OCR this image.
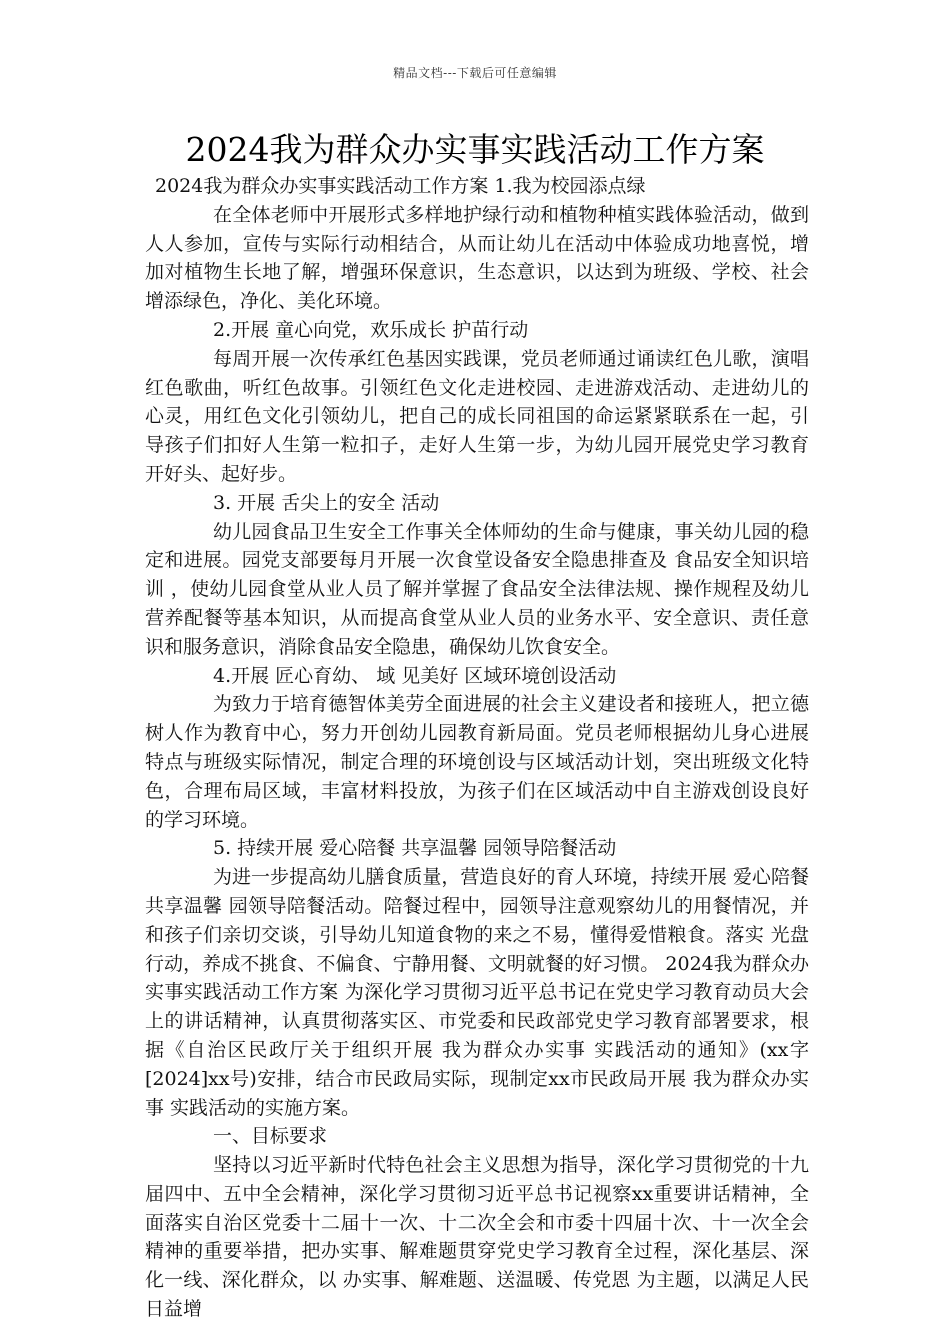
精品文档---下载后可任意编辑
2024我为群众办实事实践活动工作方案

2024我为群众办实事实践活动工作方案 1.我为校园添点绿

在全体老师中开展形式多样地护绿行动和植物种植实践体验活动，做到人人参加，宣传与实际行动相结合，从而让幼儿在活动中体验成功地喜悦，增加对植物生长地了解，增强环保意识，生态意识，以达到为班级、学校、社会增添绿色，净化、美化环境。

2.开展 童心向党，欢乐成长 护苗行动

每周开展一次传承红色基因实践课，党员老师通过诵读红色儿歌，演唱红色歌曲，听红色故事。引领红色文化走进校园、走进游戏活动、走进幼儿的心灵，用红色文化引领幼儿，把自己的成长同祖国的命运紧紧联系在一起，引导孩子们扣好人生第一粒扣子，走好人生第一步，为幼儿园开展党史学习教育开好头、起好步。

3. 开展 舌尖上的安全 活动

幼儿园食品卫生安全工作事关全体师幼的生命与健康，事关幼儿园的稳定和进展。园党支部要每月开展一次食堂设备安全隐患排查及 食品安全知识培训 ，使幼儿园食堂从业人员了解并掌握了食品安全法律法规、操作规程及幼儿营养配餐等基本知识，从而提高食堂从业人员的业务水平、安全意识、责任意识和服务意识，消除食品安全隐患，确保幼儿饮食安全。

4.开展 匠心育幼、 域 见美好 区域环境创设活动

为致力于培育德智体美劳全面进展的社会主义建设者和接班人，把立德树人作为教育中心，努力开创幼儿园教育新局面。党员老师根据幼儿身心进展特点与班级实际情况，制定合理的环境创设与区域活动计划，突出班级文化特色，合理布局区域，丰富材料投放，为孩子们在区域活动中自主游戏创设良好的学习环境。

5. 持续开展 爱心陪餐 共享温馨 园领导陪餐活动

为进一步提高幼儿膳食质量，营造良好的育人环境，持续开展 爱心陪餐共享温馨 园领导陪餐活动。陪餐过程中，园领导注意观察幼儿的用餐情况，并和孩子们亲切交谈，引导幼儿知道食物的来之不易，懂得爱惜粮食。落实 光盘 行动，养成不挑食、不偏食、宁静用餐、文明就餐的好习惯。 2024我为群众办实事实践活动工作方案 为深化学习贯彻习近平总书记在党史学习教育动员大会上的讲话精神，认真贯彻落实区、市党委和民政部党史学习教育部署要求，根据《自治区民政厅关于组织开展 我为群众办实事 实践活动的通知》(xx字[2024]xx号)安排，结合市民政局实际，现制定xx市民政局开展 我为群众办实事 实践活动的实施方案。

一、目标要求

坚持以习近平新时代特色社会主义思想为指导，深化学习贯彻党的十九届四中、五中全会精神，深化学习贯彻习近平总书记视察xx重要讲话精神，全面落实自治区党委十二届十一次、十二次全会和市委十四届十次、十一次全会精神的重要举措，把办实事、解难题贯穿党史学习教育全过程，深化基层、深化一线、深化群众，以 办实事、解难题、送温暖、传党恩 为主题，以满足人民日益增
